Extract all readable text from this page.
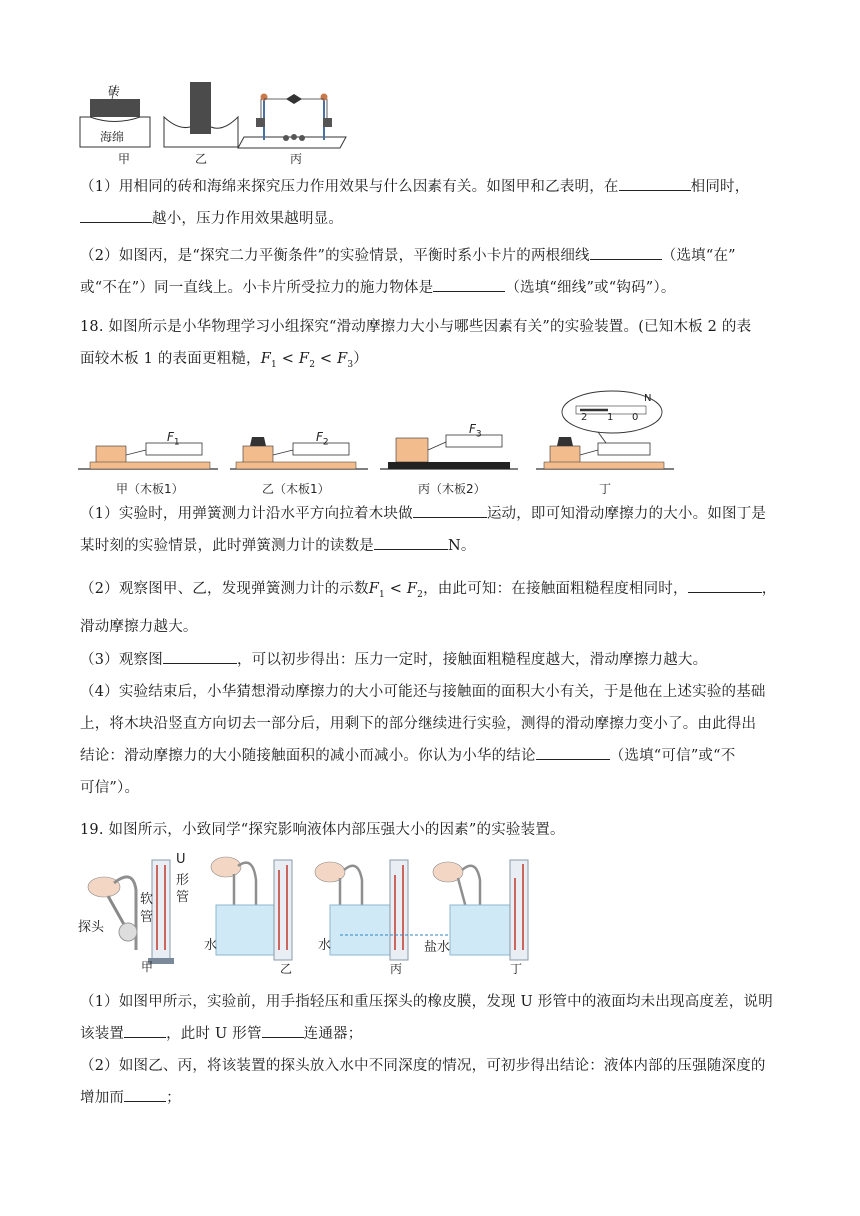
砖
海绵
甲	乙	丙
（1）用相同的砖和海绵来探究压力作用效果与什么因素有关。如图甲和乙表明，在	相同时，
越小，压力作用效果越明显。
（2）如图丙，是“探究二力平衡条件”的实验情景，平衡时系小卡片的两根细线	（选填“在”
或“不在”）同一直线上。小卡片所受拉力的施力物体是	（选填“细线”或“钩码”）。
18. 如图所示是小华物理学习小组探究“滑动摩擦力大小与哪些因素有关”的实验装置。(已知木板 2 的表
面较木板 1 的表面更粗糙，$F_1 < F_2 < F_3$）
2 1 0
N
$F_1$	$F_2$
$F_3$
甲（木板1）	乙（木板1）	丙（木板2）	丁
（1）实验时，用弹簧测力计沿水平方向拉着木块做	运动，即可知滑动摩擦力的大小。如图丁是
某时刻的实验情景，此时弹簧测力计的读数是	N。
（2）观察图甲、乙，发现弹簧测力计的示数$F_1 < F_2$，由此可知：在接触面粗糙程度相同时，	，
滑动摩擦力越大。
（3）观察图	，可以初步得出：压力一定时，接触面粗糙程度越大，滑动摩擦力越大。
（4）实验结束后，小华猜想滑动摩擦力的大小可能还与接触面的面积大小有关，于是他在上述实验的基础
上，将木块沿竖直方向切去一部分后，用剩下的部分继续进行实验，测得的滑动摩擦力变小了。由此得出
结论：滑动摩擦力的大小随接触面积的减小而减小。你认为小华的结论	（选填“可信”或“不
可信”）。
19. 如图所示，小致同学“探究影响液体内部压强大小的因素”的实验装置。
U
形
管
软
管
探头
水	水	盐水
甲	乙	丙	丁
（1）如图甲所示，实验前，用手指轻压和重压探头的橡皮膜，发现 U 形管中的液面均未出现高度差，说明
该装置	，此时 U 形管	连通器；
（2）如图乙、丙，将该装置的探头放入水中不同深度的情况，可初步得出结论：液体内部的压强随深度的
增加而	；
